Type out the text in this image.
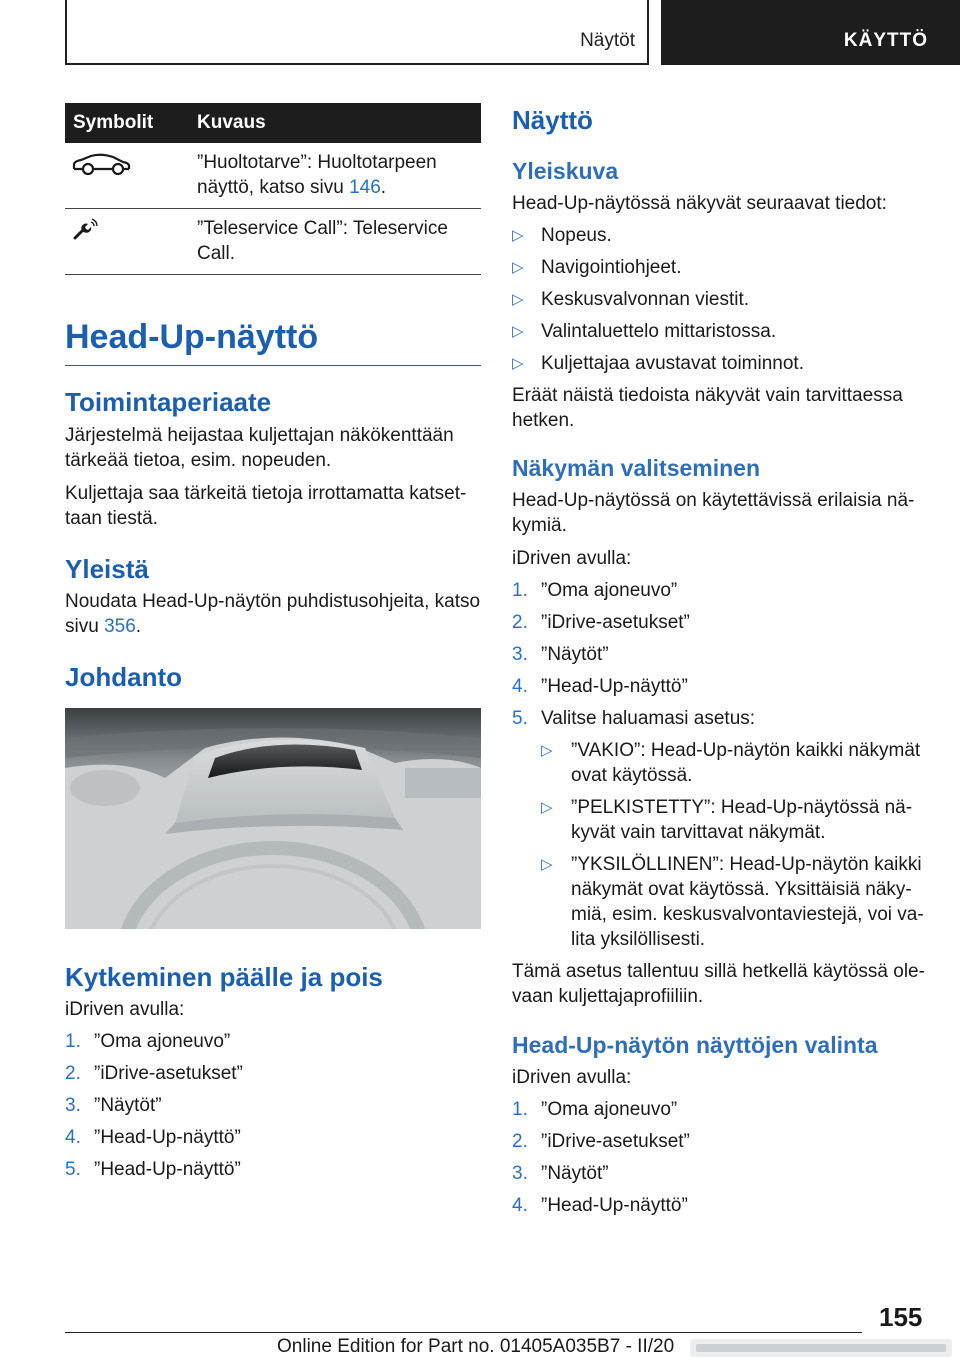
Näytöt	KÄYTTÖ
Symbolit	Kuvaus
	”Huoltotarve”: Huoltotarpeen näyttö, katso sivu 146.
	”Teleservice Call”: Teleservice Call.
Head-Up-näyttö
Toimintaperiaate

Järjestelmä heijastaa kuljettajan näkökenttään tärkeää tietoa, esim. nopeuden.

Kuljettaja saa tärkeitä tietoja irrottamatta katset-taan tiestä.

Yleistä

Noudata Head-Up-näytön puhdistusohjeita, katso sivu 356.

Johdanto
Kytkeminen päälle ja pois

iDriven avulla:

1. ”Oma ajoneuvo”
2. ”iDrive-asetukset”
3. ”Näytöt”
4. ”Head-Up-näyttö”
5. ”Head-Up-näyttö”
Näyttö
Yleiskuva

Head-Up-näytössä näkyvät seuraavat tiedot:

▷ Nopeus.
▷ Navigointiohjeet.
▷ Keskusvalvonnan viestit.
▷ Valintaluettelo mittaristossa.
▷ Kuljettajaa avustavat toiminnot.

Eräät näistä tiedoista näkyvät vain tarvittaessa hetken.

Näkymän valitseminen

Head-Up-näytössä on käytettävissä erilaisia nä-kymiä.

iDriven avulla:

1. ”Oma ajoneuvo”
2. ”iDrive-asetukset”
3. ”Näytöt”
4. ”Head-Up-näyttö”
5. Valitse haluamasi asetus:
▷ ”VAKIO”: Head-Up-näytön kaikki näkymät ovat käytössä.
▷ ”PELKISTETTY”: Head-Up-näytössä nä-kyvät vain tarvittavat näkymät.
▷ ”YKSILÖLLINEN”: Head-Up-näytön kaikki näkymät ovat käytössä. Yksittäisiä näky-miä, esim. keskusvalvontaviestejä, voi va-lita yksilöllisesti.

Tämä asetus tallentuu sillä hetkellä käytössä ole-vaan kuljettajaprofiiliin.

Head-Up-näytön näyttöjen valinta

iDriven avulla:

1. ”Oma ajoneuvo”
2. ”iDrive-asetukset”
3. ”Näytöt”
4. ”Head-Up-näyttö”
155
Online Edition for Part no. 01405A035B7 - II/20
